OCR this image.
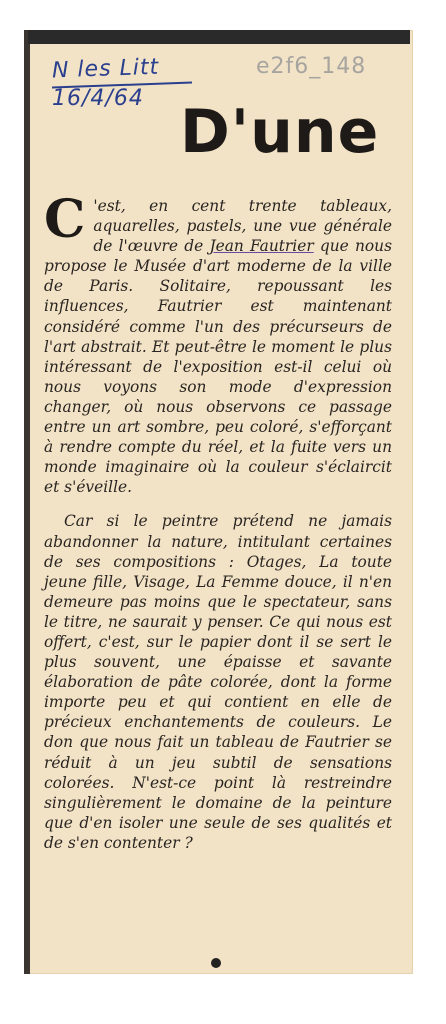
N les Litt
16/4/64
e2f6_148
D'une

C 'est, en cent trente tableaux, aquarelles, pastels, une vue générale de l'œuvre de Jean Fautrier que nous propose le Musée d'art moderne de la ville de Paris. Solitaire, repoussant les influences, Fautrier est maintenant considéré comme l'un des précurseurs de l'art abstrait. Et peut-être le moment le plus intéressant de l'exposition est-il celui où nous voyons son mode d'expression changer, où nous observons ce passage entre un art sombre, peu coloré, s'efforçant à rendre compte du réel, et la fuite vers un monde imaginaire où la couleur s'éclaircit et s'éveille.

Car si le peintre prétend ne jamais abandonner la nature, intitulant certaines de ses compositions : Otages, La toute jeune fille, Visage, La Femme douce, il n'en demeure pas moins que le spectateur, sans le titre, ne saurait y penser. Ce qui nous est offert, c'est, sur le papier dont il se sert le plus souvent, une épaisse et savante élaboration de pâte colorée, dont la forme importe peu et qui contient en elle de précieux enchantements de couleurs. Le don que nous fait un tableau de Fautrier se réduit à un jeu subtil de sensations colorées. N'est-ce point là restreindre singulièrement le domaine de la peinture que d'en isoler une seule de ses qualités et de s'en contenter ?
